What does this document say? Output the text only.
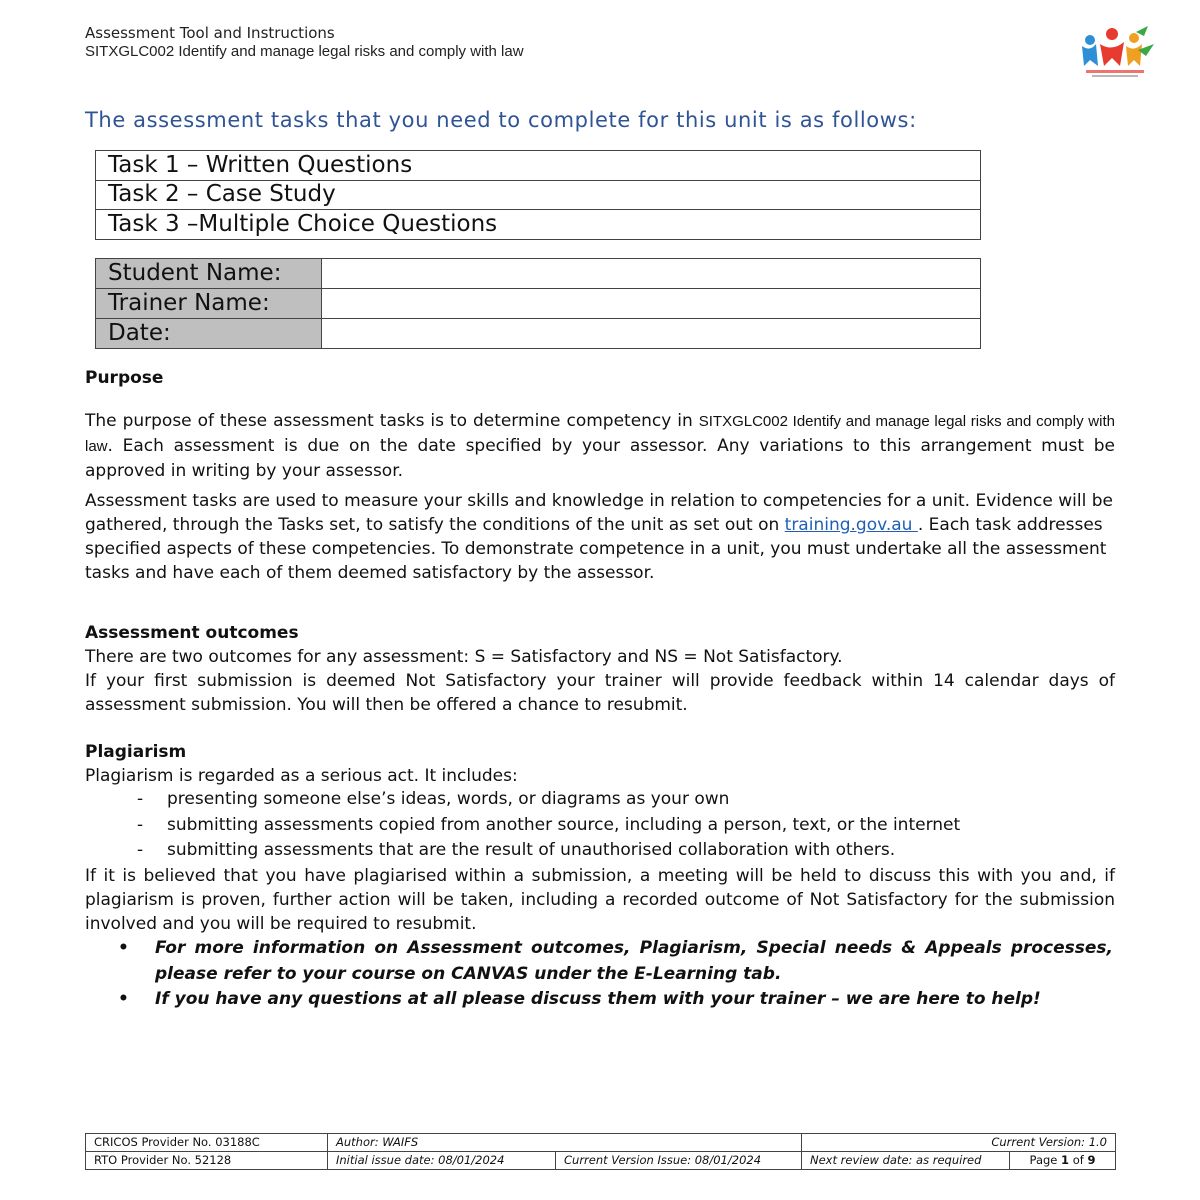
Assessment Tool and Instructions
SITXGLC002 Identify and manage legal risks and comply with law
The assessment tasks that you need to complete for this unit is as follows:
Task 1 – Written Questions
Task 2 – Case Study
Task 3 –Multiple Choice Questions
Student Name:	
Trainer Name:	
Date:	
Purpose
The purpose of these assessment tasks is to determine competency in SITXGLC002 Identify and manage legal risks and comply with law. Each assessment is due on the date specified by your assessor. Any variations to this arrangement must be approved in writing by your assessor.
Assessment tasks are used to measure your skills and knowledge in relation to competencies for a unit. Evidence will be gathered, through the Tasks set, to satisfy the conditions of the unit as set out on training.gov.au . Each task addresses specified aspects of these competencies. To demonstrate competence in a unit, you must undertake all the assessment tasks and have each of them deemed satisfactory by the assessor.
Assessment outcomes
There are two outcomes for any assessment: S = Satisfactory and NS = Not Satisfactory.
If your first submission is deemed Not Satisfactory your trainer will provide feedback within 14 calendar days of assessment submission. You will then be offered a chance to resubmit.
Plagiarism
Plagiarism is regarded as a serious act. It includes:
-	presenting someone else’s ideas, words, or diagrams as your own
-	submitting assessments copied from another source, including a person, text, or the internet
-	submitting assessments that are the result of unauthorised collaboration with others.
If it is believed that you have plagiarised within a submission, a meeting will be held to discuss this with you and, if plagiarism is proven, further action will be taken, including a recorded outcome of Not Satisfactory for the submission involved and you will be required to resubmit.
•	For more information on Assessment outcomes, Plagiarism, Special needs & Appeals processes, please refer to your course on CANVAS under the E-Learning tab.
•	If you have any questions at all please discuss them with your trainer – we are here to help!
CRICOS Provider No. 03188C	Author: WAIFS		Current Version: 1.0	
RTO Provider No. 52128	Initial issue date: 08/01/2024	Current Version Issue: 08/01/2024	Next review date: as required	Page 1 of 9
